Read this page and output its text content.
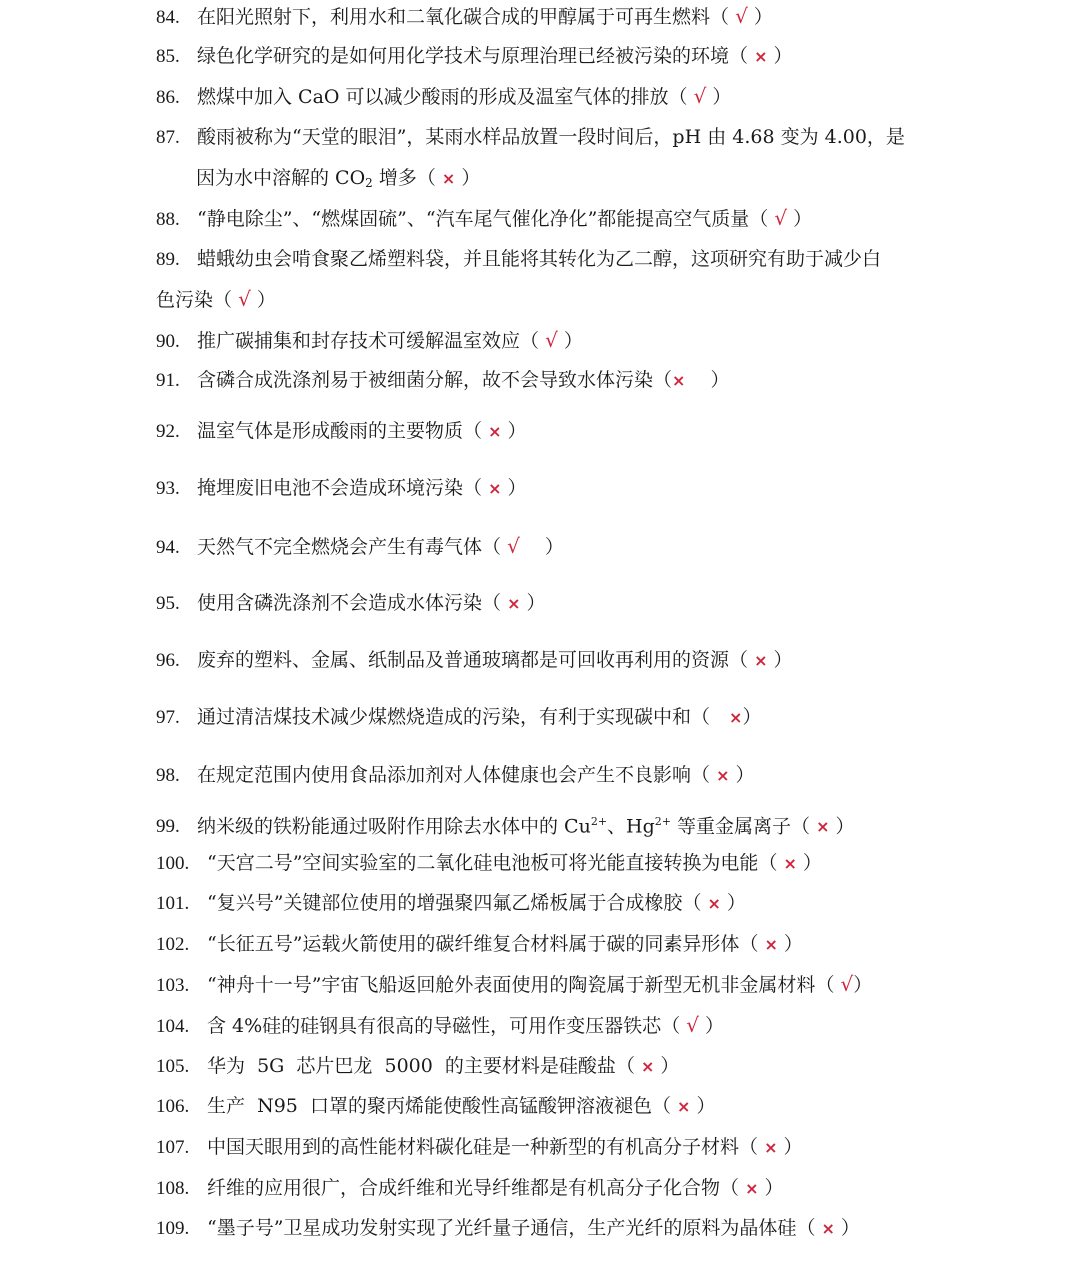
84. 在阳光照射下，利用水和二氧化碳合成的甲醇属于可再生燃料（ √ ）
85. 绿色化学研究的是如何用化学技术与原理治理已经被污染的环境（ × ）
86. 燃煤中加入 CaO 可以减少酸雨的形成及温室气体的排放（ √ ）
87. 酸雨被称为“天堂的眼泪”，某雨水样品放置一段时间后，pH 由 4.68 变为 4.00，是
因为水中溶解的 $CO_2$ 增多（ × ）
88. “静电除尘”、“燃煤固硫”、“汽车尾气催化净化”都能提高空气质量（ √ ）
89. 蜡蛾幼虫会啃食聚乙烯塑料袋，并且能将其转化为乙二醇，这项研究有助于减少白
色污染（ √ ）
90. 推广碳捕集和封存技术可缓解温室效应（ √ ）
91. 含磷合成洗涤剂易于被细菌分解，故不会导致水体污染（×　 ）
92. 温室气体是形成酸雨的主要物质（ × ）
93. 掩埋废旧电池不会造成环境污染（ × ）
94. 天然气不完全燃烧会产生有毒气体（ √　 ）
95. 使用含磷洗涤剂不会造成水体污染（ × ）
96. 废弃的塑料、金属、纸制品及普通玻璃都是可回收再利用的资源（ × ）
97. 通过清洁煤技术减少煤燃烧造成的污染，有利于实现碳中和（　×）
98. 在规定范围内使用食品添加剂对人体健康也会产生不良影响（ × ）
99. 纳米级的铁粉能通过吸附作用除去水体中的 $Cu^{2+}$、$Hg^{2+}$ 等重金属离子（ × ）
100. “天宫二号”空间实验室的二氧化硅电池板可将光能直接转换为电能（ × ）
101. “复兴号”关键部位使用的增强聚四氟乙烯板属于合成橡胶（ × ）
102. “长征五号”运载火箭使用的碳纤维复合材料属于碳的同素异形体（ × ）
103. “神舟十一号”宇宙飞船返回舱外表面使用的陶瓷属于新型无机非金属材料（ √）
104. 含 4%硅的硅钢具有很高的导磁性，可用作变压器铁芯（ √ ）
105. 华为  5G  芯片巴龙  5000  的主要材料是硅酸盐（ × ）
106. 生产  N95  口罩的聚丙烯能使酸性高锰酸钾溶液褪色（ × ）
107. 中国天眼用到的高性能材料碳化硅是一种新型的有机高分子材料（ × ）
108. 纤维的应用很广，合成纤维和光导纤维都是有机高分子化合物（ × ）
109. “墨子号”卫星成功发射实现了光纤量子通信，生产光纤的原料为晶体硅（ × ）
